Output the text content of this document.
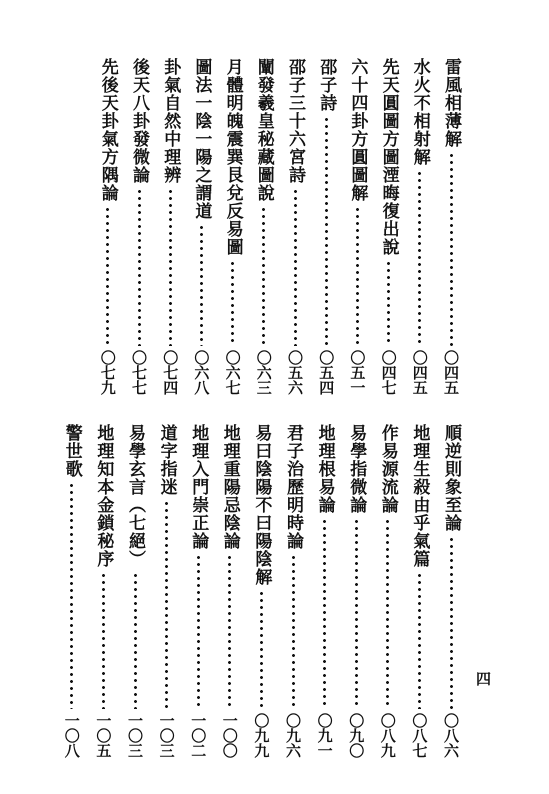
四
雷風相薄解
〇四五
水火不相射解
〇四五
先天圓圖方圖湮晦復出說
〇四七
六十四卦方圓圖解
〇五一
邵子詩
〇五四
邵子三十六宮詩
〇五六
闡發羲皇秘藏圖說
〇六三
月體明魄震巽艮兌反易圖
〇六七
圖法一陰一陽之謂道
〇六八
卦氣自然中理辨
〇七四
後天八卦發微論
〇七七
先後天卦氣方隅論
〇七九
順逆則象至論
〇八六
地理生殺由乎氣篇
〇八七
作易源流論
〇八九
易學指微論
〇九〇
地理根易論
〇九一
君子治歷明時論
〇九六
易曰陰陽不曰陽陰解
〇九九
地理重陽忌陰論
一〇〇
地理入門崇正論
一〇二
道字指迷
一〇三
易學玄言（七絕）
一〇三
地理知本金鎖秘序
一〇五
警世歌
一〇八
